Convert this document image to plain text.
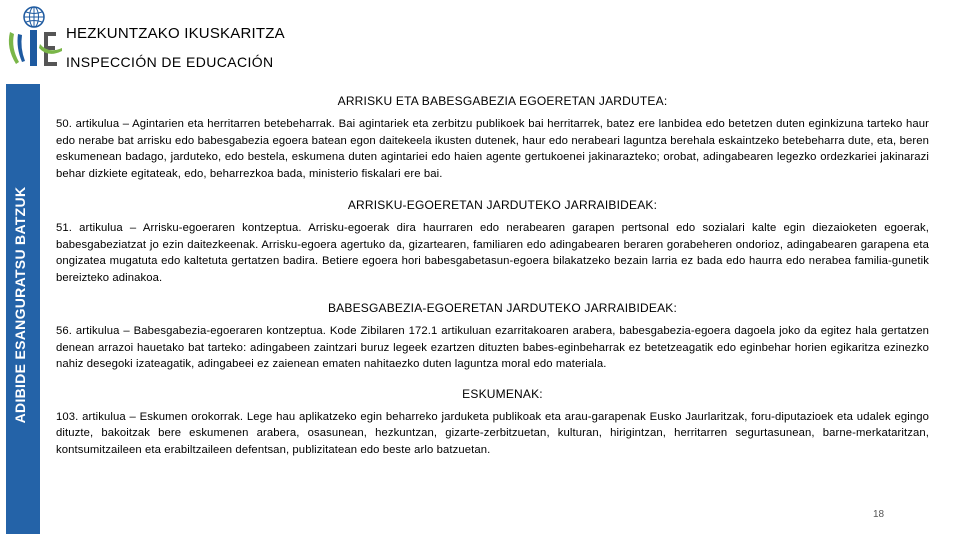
HEZKUNTZAKO IKUSKARITZA
INSPECCIÓN DE EDUCACIÓN
ADIBIDE ESANGURATSU BATZUK
ARRISKU ETA BABESGABEZIA EGOERETAN JARDUTEA:

50. artikulua – Agintarien eta herritarren betebeharrak. Bai agintariek eta zerbitzu publikoek bai herritarrek, batez ere lanbidea edo betetzen duten eginkizuna tarteko haur edo nerabe bat arrisku edo babesgabezia egoera batean egon daitekeela ikusten dutenek, haur edo nerabeari laguntza berehala eskaintzeko betebeharra dute, eta, beren eskumenean badago, jarduteko, edo bestela, eskumena duten agintariei edo haien agente gertukoenei jakinarazteko; orobat, adingabearen legezko ordezkariei jakinarazi behar dizkiete egitateak, edo, beharrezkoa bada, ministerio fiskalari ere bai.

ARRISKU-EGOERETAN JARDUTEKO JARRAIBIDEAK:

51. artikulua – Arrisku-egoeraren kontzeptua. Arrisku-egoerak dira haurraren edo nerabearen garapen pertsonal edo sozialari kalte egin diezaioketen egoerak, babesgabeziatzat jo ezin daitezkeenak. Arrisku-egoera agertuko da, gizartearen, familiaren edo adingabearen beraren gorabeheren ondorioz, adingabearen garapena eta ongizatea mugatuta edo kaltetuta gertatzen badira. Betiere egoera hori babesgabetasun-egoera bilakatzeko bezain larria ez bada edo haurra edo nerabea familia-gunetik bereizteko adinakoa.

BABESGABEZIA-EGOERETAN JARDUTEKO JARRAIBIDEAK:

56. artikulua – Babesgabezia-egoeraren kontzeptua. Kode Zibilaren 172.1 artikuluan ezarritakoaren arabera, babesgabezia-egoera dagoela joko da egitez hala gertatzen denean arrazoi hauetako bat tarteko: adingabeen zaintzari buruz legeek ezartzen dituzten babes-eginbeharrak ez betetzeagatik edo eginbehar horien egikaritza ezinezko nahiz desegoki izateagatik, adingabeei ez zaienean ematen nahitaezko duten laguntza moral edo materiala.

ESKUMENAK:

103. artikulua – Eskumen orokorrak. Lege hau aplikatzeko egin beharreko jarduketa publikoak eta arau-garapenak Eusko Jaurlaritzak, foru-diputazioek eta udalek egingo dituzte, bakoitzak bere eskumenen arabera, osasunean, hezkuntzan, gizarte-zerbitzuetan, kulturan, hirigintzan, herritarren segurtasunean, barne-merkataritzan, kontsumitzaileen eta erabiltzaileen defentsan, publizitatean edo beste arlo batzuetan.

18
